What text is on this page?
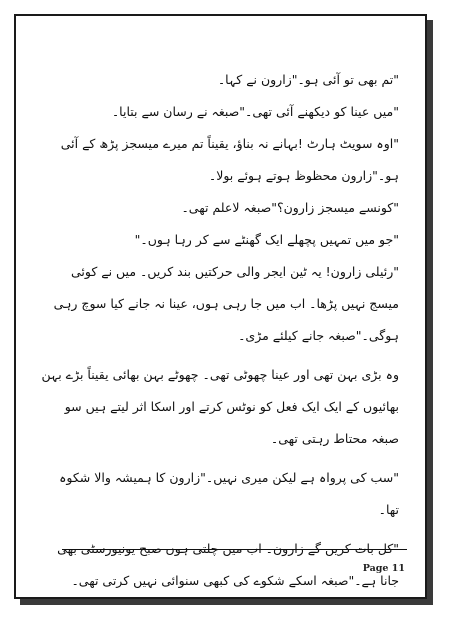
"تم بھی تو آئی ہو۔"زارون نے کہا۔

"میں عینا کو دیکھنے آئی تھی۔"صبغہ نے رسان سے بتایا۔

"اوہ سویٹ ہارٹ !بہانے نہ بناؤ، یقیناً تم میرے میسجز پڑھ کے آئی ہو۔"زارون محظوظ ہوتے ہوئے بولا۔

"کونسے میسجز زارون؟"صبغہ لاعلم تھی۔

"جو میں تمہیں پچھلے ایک گھنٹے سے کر رہا ہوں۔"

"رئیلی زارون! یہ ٹین ایجر والی حرکتیں بند کریں۔ میں نے کوئی میسج نہیں پڑھا۔ اب میں جا رہی ہوں، عینا نہ جانے کیا سوچ رہی ہوگی۔"صبغہ جانے کیلئے مڑی۔

وہ بڑی بہن تھی اور عینا چھوٹی تھی۔ چھوٹے بہن بھائی یقیناً بڑے بہن بھائیوں کے ایک ایک فعل کو نوٹس کرتے اور اسکا اثر لیتے ہیں سو صبغہ محتاط رہتی تھی۔

"سب کی پرواہ ہے لیکن میری نہیں۔"زارون کا ہمیشہ والا شکوہ تھا۔

"کل بات کریں گے زارون۔ اب میں چلتی ہوں صبح یونیورسٹی بھی جانا ہے۔"صبغہ اسکے شکوے کی کبھی سنوائی نہیں کرتی تھی۔

Page 11
